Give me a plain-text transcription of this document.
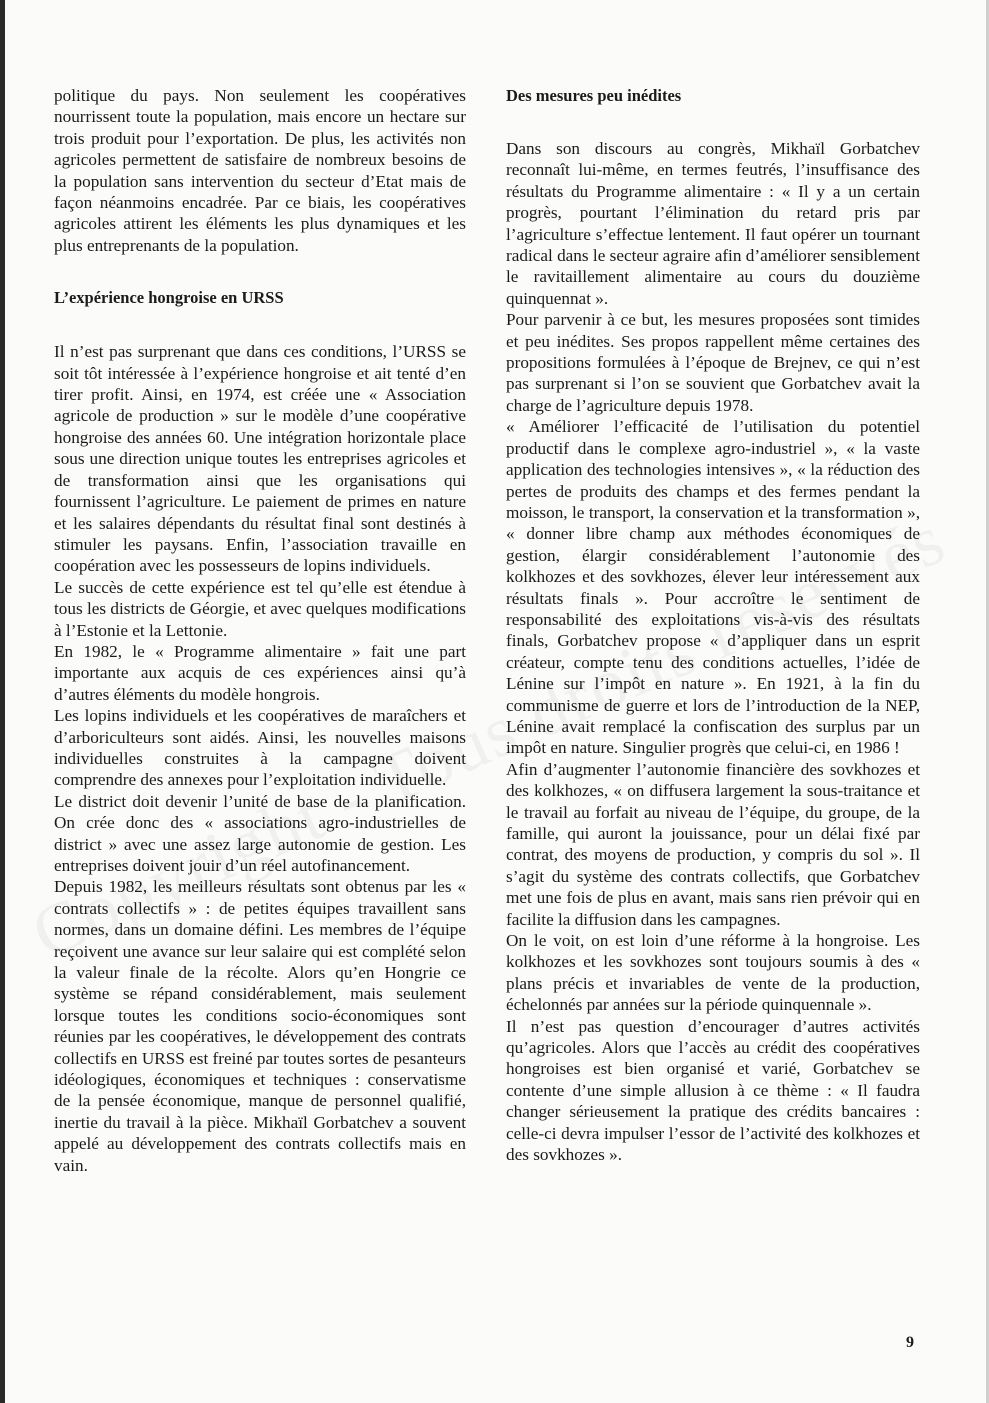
politique du pays. Non seulement les coopératives nourrissent toute la population, mais encore un hectare sur trois produit pour l’exportation. De plus, les activités non agricoles permettent de satisfaire de nombreux besoins de la population sans intervention du secteur d’Etat mais de façon néanmoins encadrée. Par ce biais, les coopératives agricoles attirent les éléments les plus dynamiques et les plus entreprenants de la population.

L’expérience hongroise en URSS

Il n’est pas surprenant que dans ces conditions, l’URSS se soit tôt intéressée à l’expérience hongroise et ait tenté d’en tirer profit. Ainsi, en 1974, est créée une « Association agricole de production » sur le modèle d’une coopérative hongroise des années 60. Une intégration horizontale place sous une direction unique toutes les entreprises agricoles et de transformation ainsi que les organisations qui fournissent l’agriculture. Le paiement de primes en nature et les salaires dépendants du résultat final sont destinés à stimuler les paysans. Enfin, l’association travaille en coopération avec les possesseurs de lopins individuels.

Le succès de cette expérience est tel qu’elle est étendue à tous les districts de Géorgie, et avec quelques modifications à l’Estonie et la Lettonie.

En 1982, le « Programme alimentaire » fait une part importante aux acquis de ces expériences ainsi qu’à d’autres éléments du modèle hongrois.

Les lopins individuels et les coopératives de maraîchers et d’arboriculteurs sont aidés. Ainsi, les nouvelles maisons individuelles construites à la campagne doivent comprendre des annexes pour l’exploitation individuelle.

Le district doit devenir l’unité de base de la planification. On crée donc des « associations agro-industrielles de district » avec une assez large autonomie de gestion. Les entreprises doivent jouir d’un réel autofinancement.

Depuis 1982, les meilleurs résultats sont obtenus par les « contrats collectifs » : de petites équipes travaillent sans normes, dans un domaine défini. Les membres de l’équipe reçoivent une avance sur leur salaire qui est complété selon la valeur finale de la récolte. Alors qu’en Hongrie ce système se répand considérablement, mais seulement lorsque toutes les conditions socio-économiques sont réunies par les coopératives, le développement des contrats collectifs en URSS est freiné par toutes sortes de pesanteurs idéologiques, économiques et techniques : conservatisme de la pensée économique, manque de personnel qualifié, inertie du travail à la pièce. Mikhaïl Gorbatchev a souvent appelé au développement des contrats collectifs mais en vain.

Des mesures peu inédites

Dans son discours au congrès, Mikhaïl Gorbatchev reconnaît lui-même, en termes feutrés, l’insuffisance des résultats du Programme alimentaire : « Il y a un certain progrès, pourtant l’élimination du retard pris par l’agriculture s’effectue lentement. Il faut opérer un tournant radical dans le secteur agraire afin d’améliorer sensiblement le ravitaillement alimentaire au cours du douzième quinquennat ».

Pour parvenir à ce but, les mesures proposées sont timides et peu inédites. Ses propos rappellent même certaines des propositions formulées à l’époque de Brejnev, ce qui n’est pas surprenant si l’on se souvient que Gorbatchev avait la charge de l’agriculture depuis 1978.

« Améliorer l’efficacité de l’utilisation du potentiel productif dans le complexe agro-industriel », « la vaste application des technologies intensives », « la réduction des pertes de produits des champs et des fermes pendant la moisson, le transport, la conservation et la transformation », « donner libre champ aux méthodes économiques de gestion, élargir considérablement l’autonomie des kolkhozes et des sovkhozes, élever leur intéressement aux résultats finals ». Pour accroître le sentiment de responsabilité des exploitations vis-à-vis des résultats finals, Gorbatchev propose « d’appliquer dans un esprit créateur, compte tenu des conditions actuelles, l’idée de Lénine sur l’impôt en nature ». En 1921, à la fin du communisme de guerre et lors de l’introduction de la NEP, Lénine avait remplacé la confiscation des surplus par un impôt en nature. Singulier progrès que celui-ci, en 1986 !

Afin d’augmenter l’autonomie financière des sovkhozes et des kolkhozes, « on diffusera largement la sous-traitance et le travail au forfait au niveau de l’équipe, du groupe, de la famille, qui auront la jouissance, pour un délai fixé par contrat, des moyens de production, y compris du sol ». Il s’agit du système des contrats collectifs, que Gorbatchev met une fois de plus en avant, mais sans rien prévoir qui en facilite la diffusion dans les campagnes.

On le voit, on est loin d’une réforme à la hongroise. Les kolkhozes et les sovkhozes sont toujours soumis à des « plans précis et invariables de vente de la production, échelonnés par années sur la période quinquennale ».

Il n’est pas question d’encourager d’autres activités qu’agricoles. Alors que l’accès au crédit des coopératives hongroises est bien organisé et varié, Gorbatchev se contente d’une simple allusion à ce thème : « Il faudra changer sérieusement la pratique des crédits bancaires : celle-ci devra impulser l’essor de l’activité des kolkhozes et des sovkhozes ».

9
